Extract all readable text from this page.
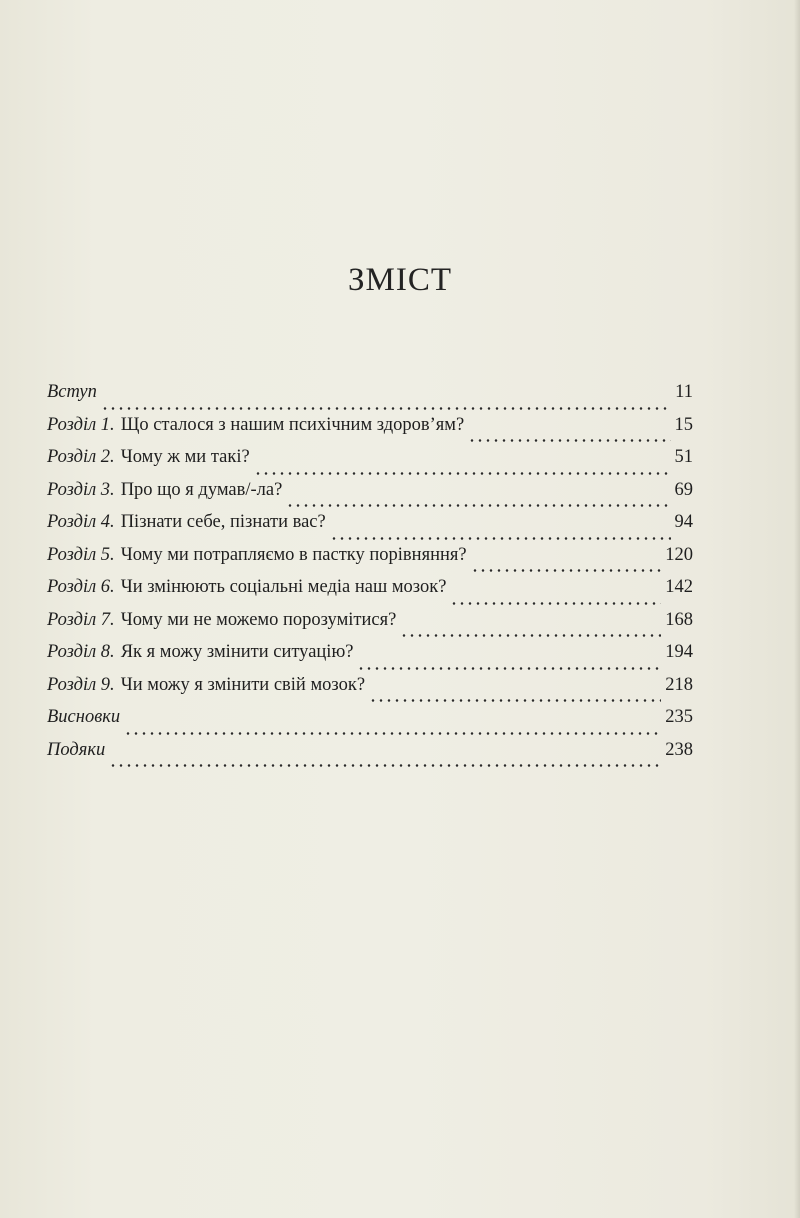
ЗМІСТ
Вступ	11
Розділ 1. Що сталося з нашим психічним здоров’ям?	15
Розділ 2. Чому ж ми такі?	51
Розділ 3. Про що я думав/-ла?	69
Розділ 4. Пізнати себе, пізнати вас?	94
Розділ 5. Чому ми потрапляємо в пастку порівняння?	120
Розділ 6. Чи змінюють соціальні медіа наш мозок?	142
Розділ 7. Чому ми не можемо порозумітися?	168
Розділ 8. Як я можу змінити ситуацію?	194
Розділ 9. Чи можу я змінити свій мозок?	218
Висновки	235
Подяки	238
